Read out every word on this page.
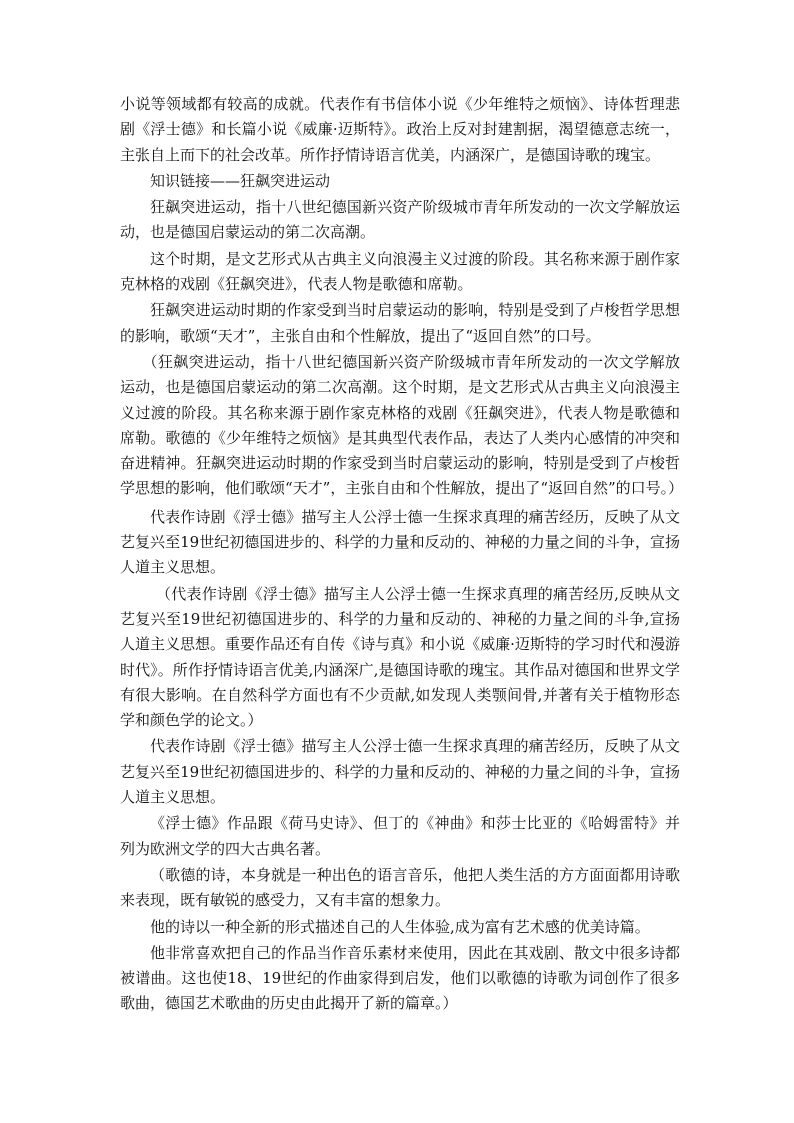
小说等领域都有较高的成就。代表作有书信体小说《少年维特之烦恼》、诗体哲理悲剧《浮士德》和长篇小说《威廉·迈斯特》。政治上反对封建割据，渴望德意志统一，主张自上而下的社会改革。所作抒情诗语言优美，内涵深广，是德国诗歌的瑰宝。

知识链接——狂飙突进运动

狂飙突进运动，指十八世纪德国新兴资产阶级城市青年所发动的一次文学解放运动，也是德国启蒙运动的第二次高潮。

这个时期，是文艺形式从古典主义向浪漫主义过渡的阶段。其名称来源于剧作家克林格的戏剧《狂飙突进》，代表人物是歌德和席勒。

狂飙突进运动时期的作家受到当时启蒙运动的影响，特别是受到了卢梭哲学思想的影响，歌颂“天才”，主张自由和个性解放，提出了“返回自然”的口号。

（狂飙突进运动，指十八世纪德国新兴资产阶级城市青年所发动的一次文学解放运动，也是德国启蒙运动的第二次高潮。这个时期，是文艺形式从古典主义向浪漫主义过渡的阶段。其名称来源于剧作家克林格的戏剧《狂飙突进》，代表人物是歌德和席勒。歌德的《少年维特之烦恼》是其典型代表作品，表达了人类内心感情的冲突和奋进精神。狂飙突进运动时期的作家受到当时启蒙运动的影响，特别是受到了卢梭哲学思想的影响，他们歌颂“天才”，主张自由和个性解放，提出了“返回自然”的口号。）

代表作诗剧《浮士德》描写主人公浮士德一生探求真理的痛苦经历，反映了从文艺复兴至19世纪初德国进步的、科学的力量和反动的、神秘的力量之间的斗争，宣扬人道主义思想。

（代表作诗剧《浮士德》描写主人公浮士德一生探求真理的痛苦经历,反映从文艺复兴至19世纪初德国进步的、科学的力量和反动的、神秘的力量之间的斗争,宣扬人道主义思想。重要作品还有自传《诗与真》和小说《威廉·迈斯特的学习时代和漫游时代》。所作抒情诗语言优美,内涵深广,是德国诗歌的瑰宝。其作品对德国和世界文学有很大影响。在自然科学方面也有不少贡献,如发现人类颚间骨,并著有关于植物形态学和颜色学的论文。）

代表作诗剧《浮士德》描写主人公浮士德一生探求真理的痛苦经历，反映了从文艺复兴至19世纪初德国进步的、科学的力量和反动的、神秘的力量之间的斗争，宣扬人道主义思想。

《浮士德》作品跟《荷马史诗》、但丁的《神曲》和莎士比亚的《哈姆雷特》并列为欧洲文学的四大古典名著。

（歌德的诗，本身就是一种出色的语言音乐，他把人类生活的方方面面都用诗歌来表现，既有敏锐的感受力，又有丰富的想象力。

他的诗以一种全新的形式描述自己的人生体验,成为富有艺术感的优美诗篇。

他非常喜欢把自己的作品当作音乐素材来使用，因此在其戏剧、散文中很多诗都被谱曲。这也使18、19世纪的作曲家得到启发，他们以歌德的诗歌为词创作了很多歌曲，德国艺术歌曲的历史由此揭开了新的篇章。）
